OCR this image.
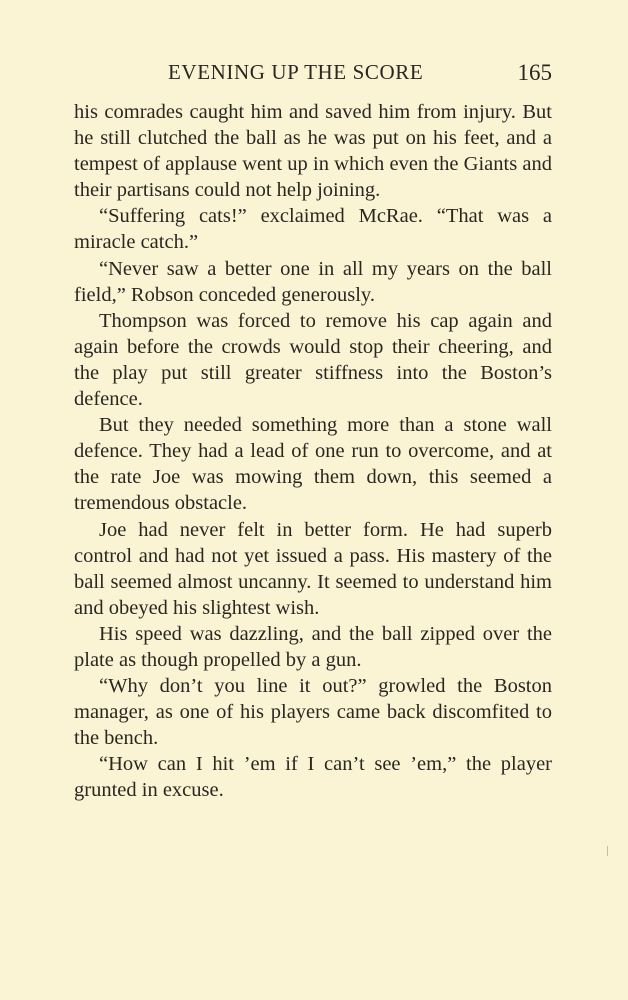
EVENING UP THE SCORE	165

his comrades caught him and saved him from injury. But he still clutched the ball as he was put on his feet, and a tempest of applause went up in which even the Giants and their partisans could not help joining.

“Suffering cats!” exclaimed McRae. “That was a miracle catch.”

“Never saw a better one in all my years on the ball field,” Robson conceded generously.

Thompson was forced to remove his cap again and again before the crowds would stop their cheering, and the play put still greater stiffness into the Boston’s defence.

But they needed something more than a stone wall defence. They had a lead of one run to overcome, and at the rate Joe was mowing them down, this seemed a tremendous obstacle.

Joe had never felt in better form. He had superb control and had not yet issued a pass. His mastery of the ball seemed almost uncanny. It seemed to understand him and obeyed his slightest wish.

His speed was dazzling, and the ball zipped over the plate as though propelled by a gun.

“Why don’t you line it out?” growled the Boston manager, as one of his players came back discomfited to the bench.

“How can I hit ’em if I can’t see ’em,” the player grunted in excuse.
